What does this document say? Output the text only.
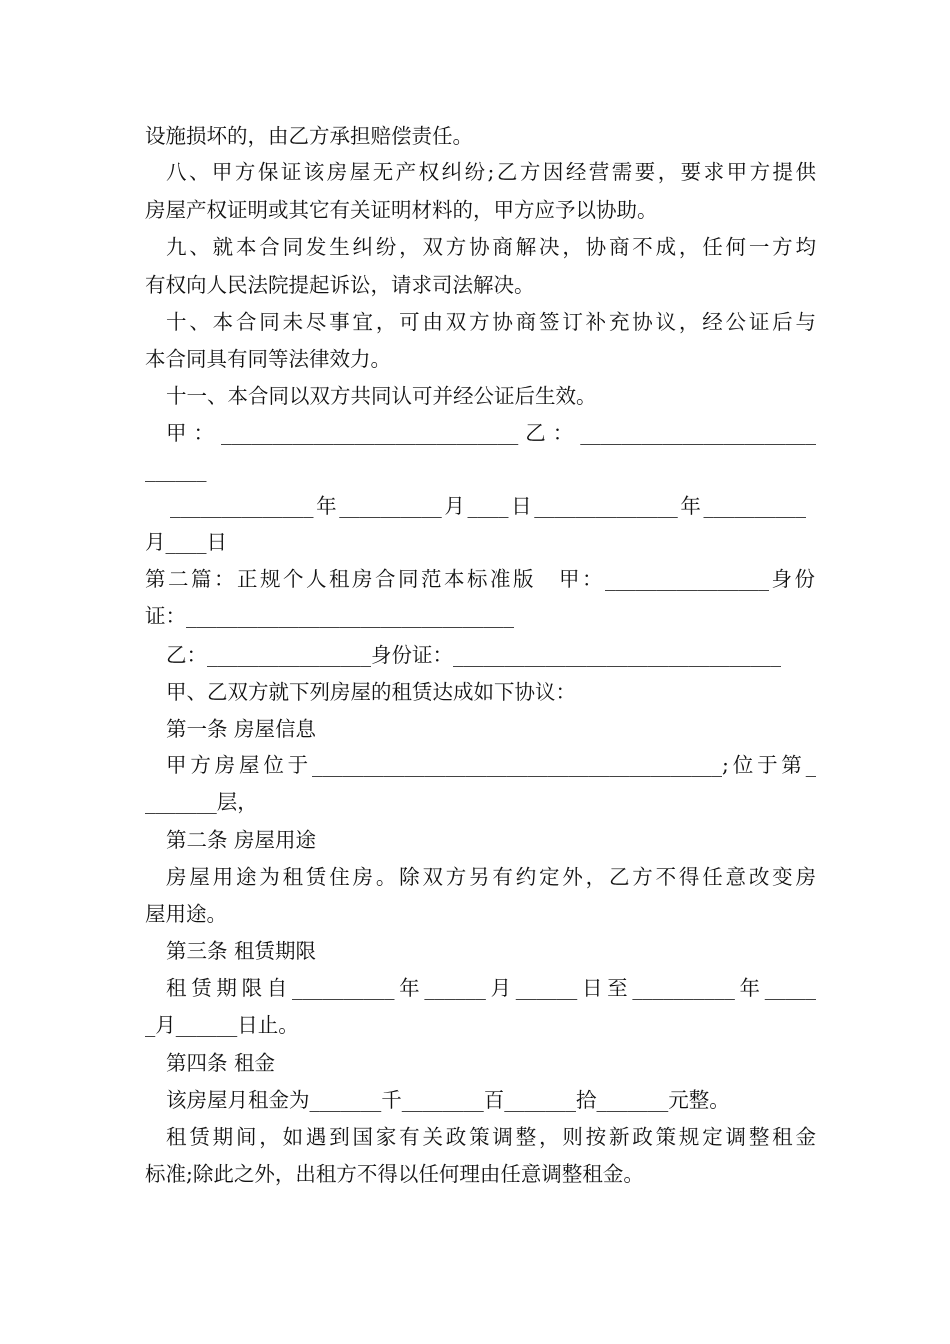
设施损坏的，由乙方承担赔偿责任。
八、甲方保证该房屋无产权纠纷;乙方因经营需要，要求甲方提供
房屋产权证明或其它有关证明材料的，甲方应予以协助。
九、就本合同发生纠纷，双方协商解决，协商不成，任何一方均
有权向人民法院提起诉讼，请求司法解决。
十、本合同未尽事宜，可由双方协商签订补充协议，经公证后与
本合同具有同等法律效力。
十一、本合同以双方共同认可并经公证后生效。
甲：_____________________________乙：_______________________
______
______________年__________月____日______________年__________
月____日
第二篇：正规个人租房合同范本标准版　甲：________________身份
证：________________________________
乙：________________身份证：________________________________
甲、乙双方就下列房屋的租赁达成如下协议：
第一条 房屋信息
甲方房屋位于________________________________________;位于第_
_______层，
第二条 房屋用途
房屋用途为租赁住房。除双方另有约定外，乙方不得任意改变房
屋用途。
第三条 租赁期限
租赁期限自__________年______月______日至__________年_____
_月______日止。
第四条 租金
该房屋月租金为_______千________百_______拾_______元整。
租赁期间，如遇到国家有关政策调整，则按新政策规定调整租金
标准;除此之外，出租方不得以任何理由任意调整租金。
